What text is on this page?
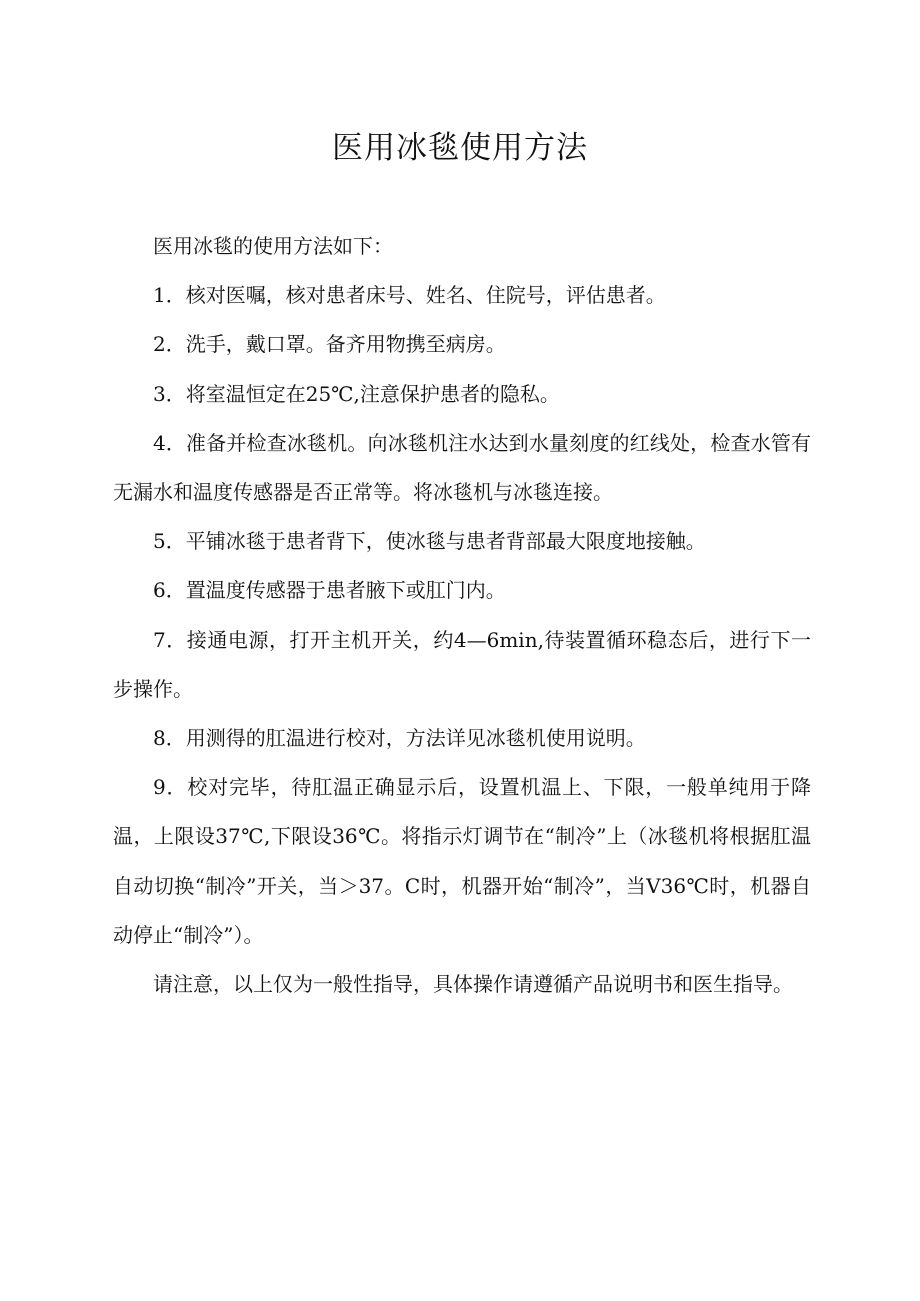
医用冰毯使用方法

医用冰毯的使用方法如下：

1．核对医嘱，核对患者床号、姓名、住院号，评估患者。

2．洗手，戴口罩。备齐用物携至病房。

3．将室温恒定在25℃,注意保护患者的隐私。

4．准备并检查冰毯机。向冰毯机注水达到水量刻度的红线处，检查水管有无漏水和温度传感器是否正常等。将冰毯机与冰毯连接。

5．平铺冰毯于患者背下，使冰毯与患者背部最大限度地接触。

6．置温度传感器于患者腋下或肛门内。

7．接通电源，打开主机开关，约4—6min,待装置循环稳态后，进行下一步操作。

8．用测得的肛温进行校对，方法详见冰毯机使用说明。

9．校对完毕，待肛温正确显示后，设置机温上、下限，一般单纯用于降温，上限设37℃,下限设36℃。将指示灯调节在“制冷”上（冰毯机将根据肛温自动切换“制冷”开关，当＞37。C时，机器开始“制冷”，当V36℃时，机器自动停止“制冷”）。

请注意，以上仅为一般性指导，具体操作请遵循产品说明书和医生指导。
